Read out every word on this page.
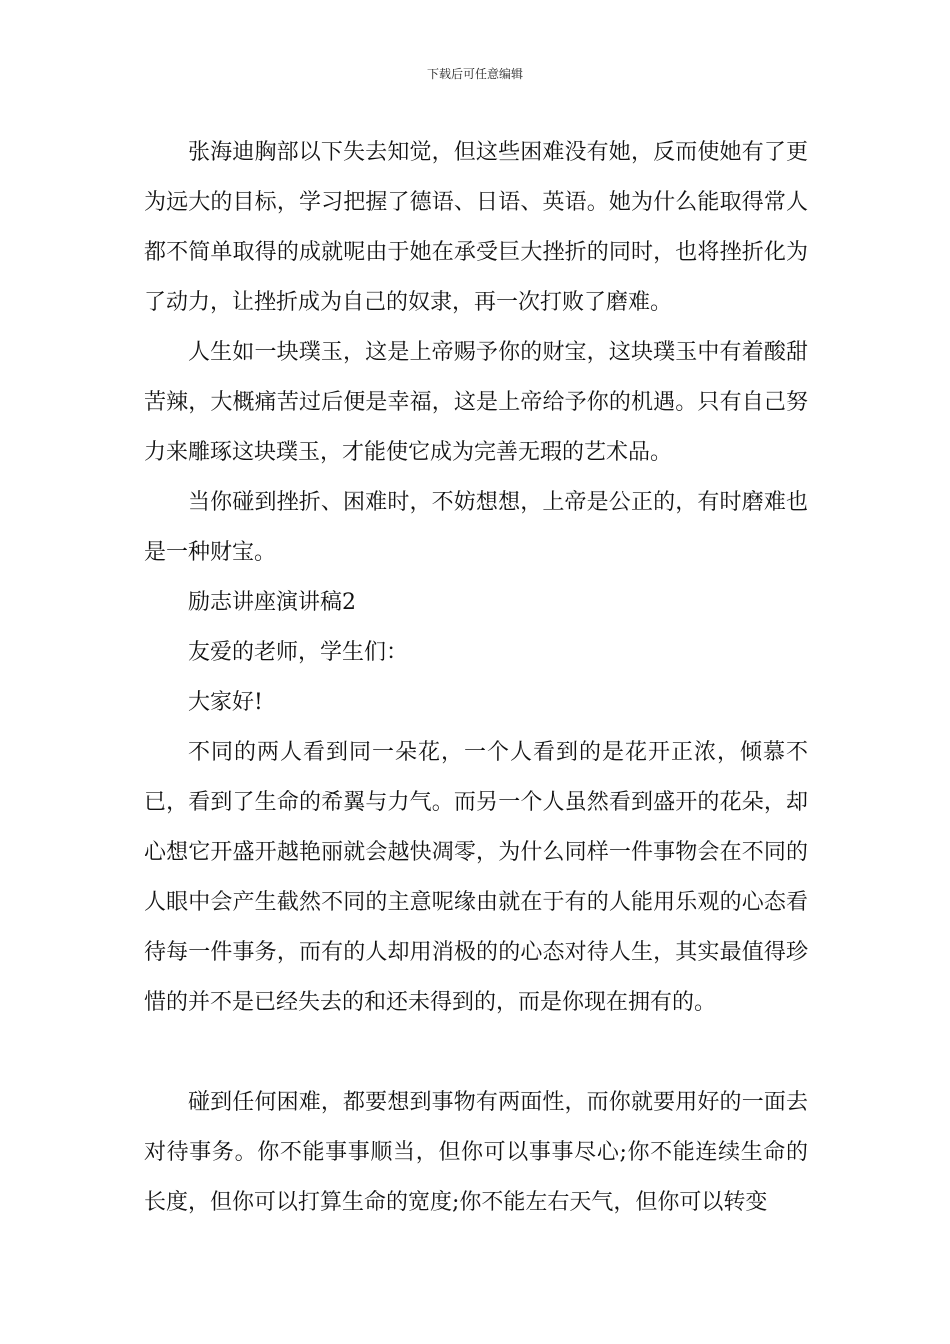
下载后可任意编辑

张海迪胸部以下失去知觉，但这些困难没有她，反而使她有了更为远大的目标，学习把握了德语、日语、英语。她为什么能取得常人都不简单取得的成就呢由于她在承受巨大挫折的同时，也将挫折化为了动力，让挫折成为自己的奴隶，再一次打败了磨难。

人生如一块璞玉，这是上帝赐予你的财宝，这块璞玉中有着酸甜苦辣，大概痛苦过后便是幸福，这是上帝给予你的机遇。只有自己努力来雕琢这块璞玉，才能使它成为完善无瑕的艺术品。

当你碰到挫折、困难时，不妨想想，上帝是公正的，有时磨难也是一种财宝。

励志讲座演讲稿2

友爱的老师，学生们：

大家好!

不同的两人看到同一朵花，一个人看到的是花开正浓，倾慕不已，看到了生命的希翼与力气。而另一个人虽然看到盛开的花朵，却心想它开盛开越艳丽就会越快凋零，为什么同样一件事物会在不同的人眼中会产生截然不同的主意呢缘由就在于有的人能用乐观的心态看待每一件事务，而有的人却用消极的的心态对待人生，其实最值得珍惜的并不是已经失去的和还未得到的，而是你现在拥有的。

碰到任何困难，都要想到事物有两面性，而你就要用好的一面去对待事务。你不能事事顺当，但你可以事事尽心;你不能连续生命的长度，但你可以打算生命的宽度;你不能左右天气，但你可以转变
